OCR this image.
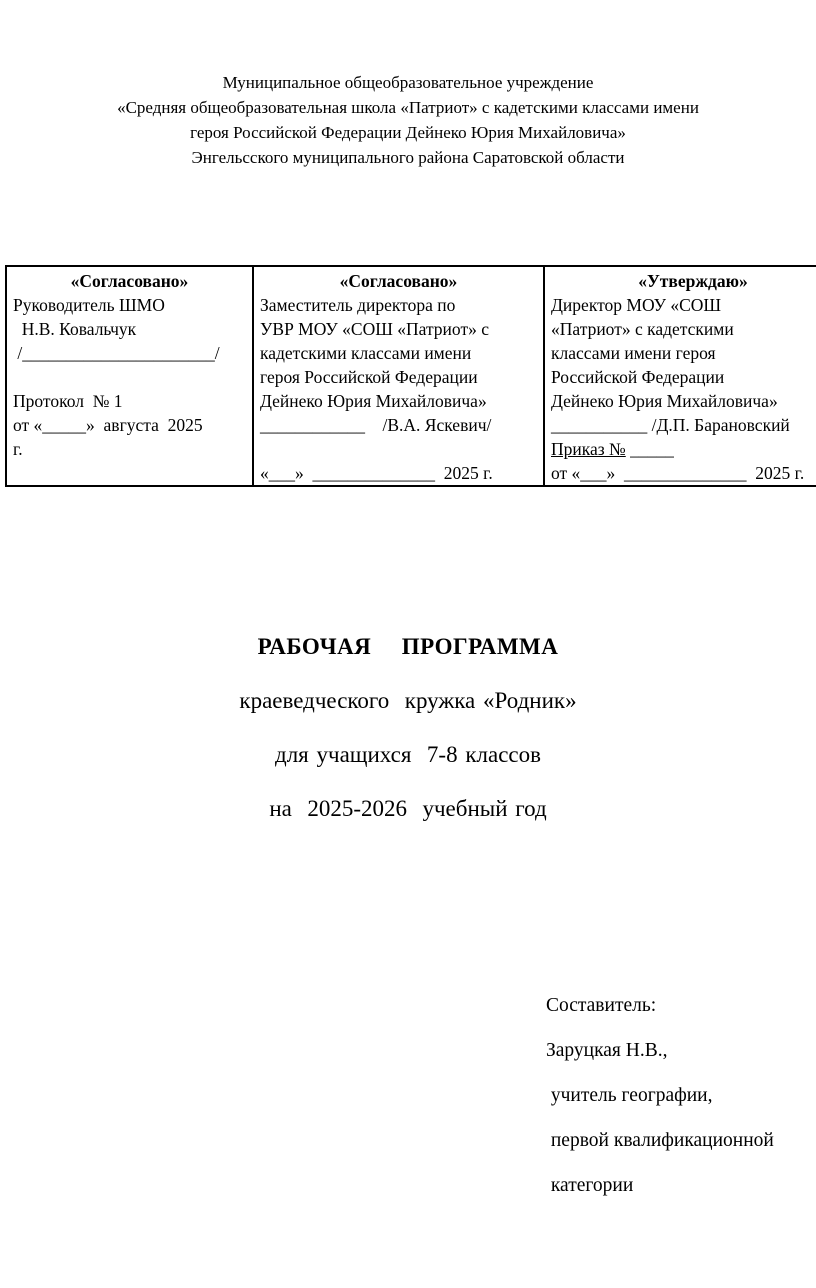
Муниципальное общеобразовательное учреждение
«Средняя общеобразовательная школа «Патриот» с кадетскими классами имени
героя Российской Федерации Дейнеко Юрия Михайловича»
Энгельсского муниципального района Саратовской области
«Согласовано»
Руководитель ШМО
Н.В. Ковальчук
/______________________/
Протокол  № 1
от «_____»  августа  2025
г.
«Согласовано»
Заместитель директора по
УВР МОУ «СОШ «Патриот» с
кадетскими классами имени
героя Российской Федерации
Дейнеко Юрия Михайловича»
____________    /В.А. Яскевич/
«___»  ______________  2025 г.
«Утверждаю»
Директор МОУ «СОШ
«Патриот» с кадетскими
классами имени героя
Российской Федерации
Дейнеко Юрия Михайловича»
___________ /Д.П. Барановский
Приказ № _____
от «___»  ______________  2025 г.
РАБОЧАЯ  ПРОГРАММА
краеведческого  кружка «Родник»
для учащихся  7-8 классов
на  2025-2026  учебный год
Составитель:
Заруцкая Н.В.,
учитель географии,
первой квалификационной
категории
